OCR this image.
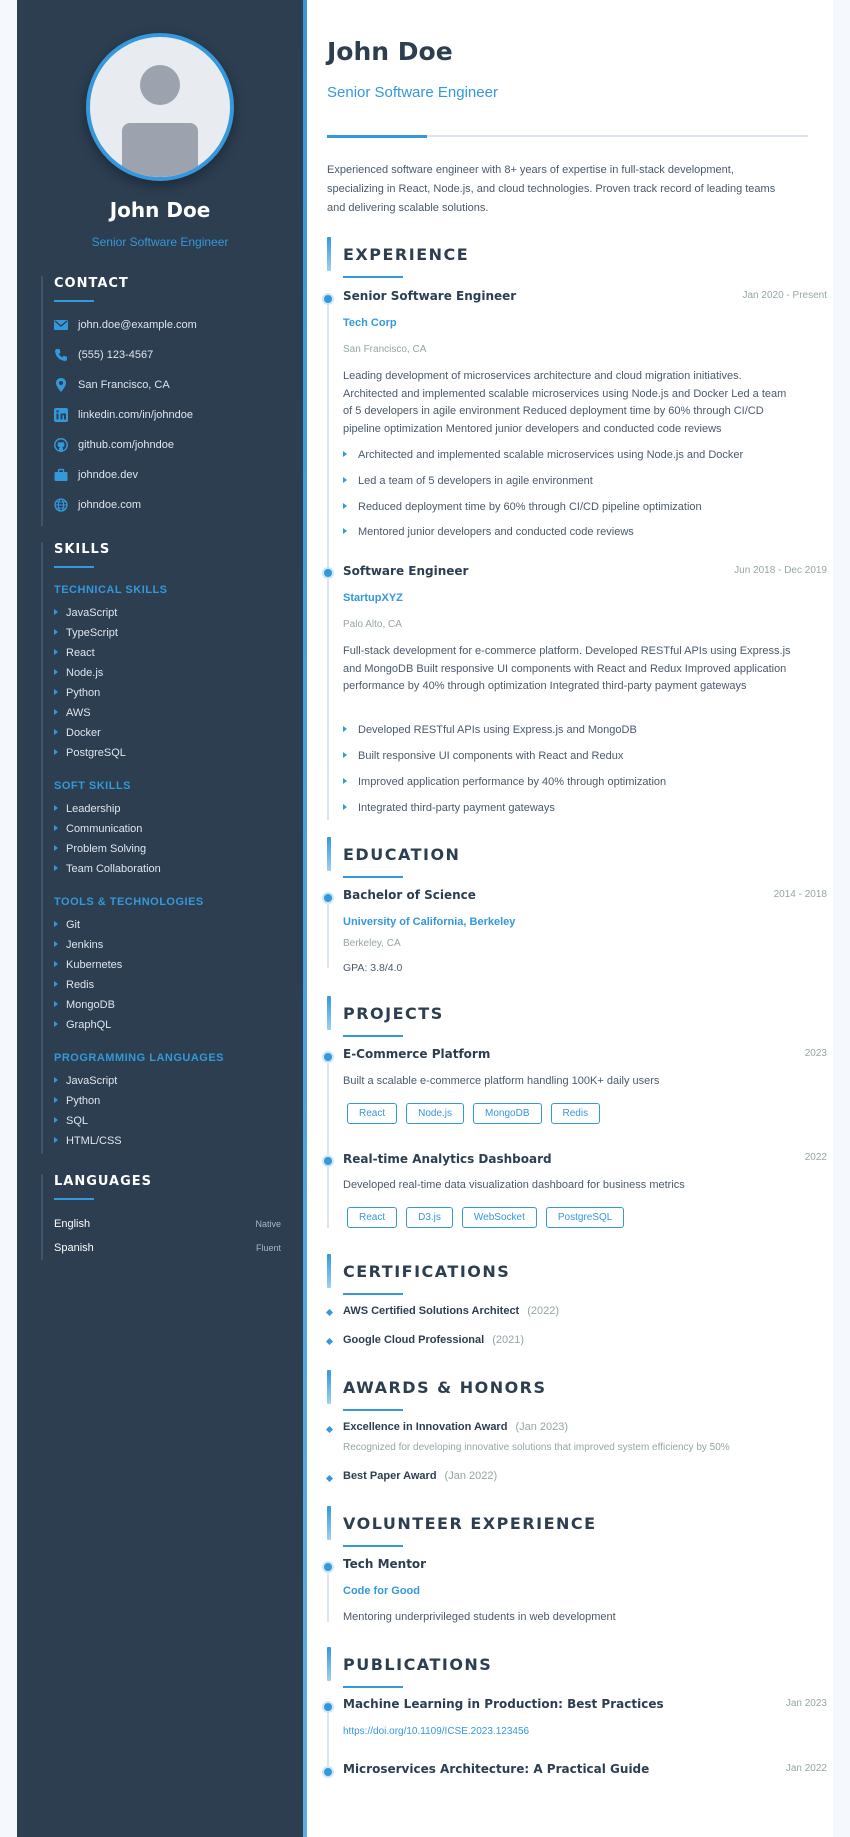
John Doe
Senior Software Engineer
CONTACT
john.doe@example.com
(555) 123-4567
San Francisco, CA
linkedin.com/in/johndoe
github.com/johndoe
johndoe.dev
johndoe.com
SKILLS
TECHNICAL SKILLS
JavaScript
TypeScript
React
Node.js
Python
AWS
Docker
PostgreSQL
SOFT SKILLS
Leadership
Communication
Problem Solving
Team Collaboration
TOOLS & TECHNOLOGIES
Git
Jenkins
Kubernetes
Redis
MongoDB
GraphQL
PROGRAMMING LANGUAGES
JavaScript
Python
SQL
HTML/CSS
LANGUAGES
English	Native
Spanish	Fluent
John Doe
Senior Software Engineer
Experienced software engineer with 8+ years of expertise in full-stack development, specializing in React, Node.js, and cloud technologies. Proven track record of leading teams and delivering scalable solutions.
EXPERIENCE
Senior Software Engineer	Jan 2020 - Present
Tech Corp
San Francisco, CA
Leading development of microservices architecture and cloud migration initiatives. Architected and implemented scalable microservices using Node.js and Docker Led a team of 5 developers in agile environment Reduced deployment time by 60% through CI/CD pipeline optimization Mentored junior developers and conducted code reviews
Architected and implemented scalable microservices using Node.js and Docker
Led a team of 5 developers in agile environment
Reduced deployment time by 60% through CI/CD pipeline optimization
Mentored junior developers and conducted code reviews
Software Engineer	Jun 2018 - Dec 2019
StartupXYZ
Palo Alto, CA
Full-stack development for e-commerce platform. Developed RESTful APIs using Express.js and MongoDB Built responsive UI components with React and Redux Improved application performance by 40% through optimization Integrated third-party payment gateways
Developed RESTful APIs using Express.js and MongoDB
Built responsive UI components with React and Redux
Improved application performance by 40% through optimization
Integrated third-party payment gateways
EDUCATION
Bachelor of Science	2014 - 2018
University of California, Berkeley
Berkeley, CA
GPA: 3.8/4.0
PROJECTS
E-Commerce Platform	2023
Built a scalable e-commerce platform handling 100K+ daily users
React	Node.js	MongoDB	Redis
Real-time Analytics Dashboard	2022
Developed real-time data visualization dashboard for business metrics
React	D3.js	WebSocket	PostgreSQL
CERTIFICATIONS
AWS Certified Solutions Architect (2022)
Google Cloud Professional (2021)
AWARDS & HONORS
Excellence in Innovation Award (Jan 2023)
Recognized for developing innovative solutions that improved system efficiency by 50%
Best Paper Award (Jan 2022)
VOLUNTEER EXPERIENCE
Tech Mentor
Code for Good
Mentoring underprivileged students in web development
PUBLICATIONS
Machine Learning in Production: Best Practices	Jan 2023
https://doi.org/10.1109/ICSE.2023.123456
Microservices Architecture: A Practical Guide	Jan 2022
